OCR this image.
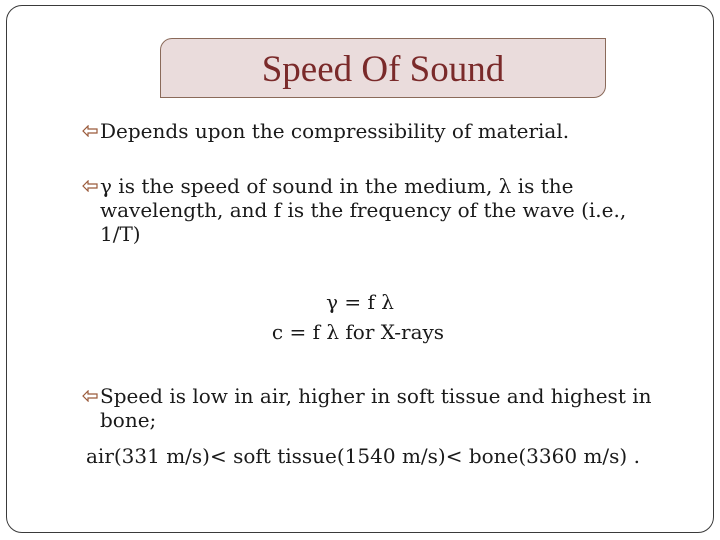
Speed Of Sound
Depends upon the compressibility of material.
γ is the speed of sound in the medium, λ is the
wavelength, and f is the frequency of the wave (i.e.,
1/T)
γ = f λ
c = f λ for X-rays
Speed is low in air, higher in soft tissue and highest in
bone;
air(331 m/s)< soft tissue(1540 m/s)< bone(3360 m/s) .
